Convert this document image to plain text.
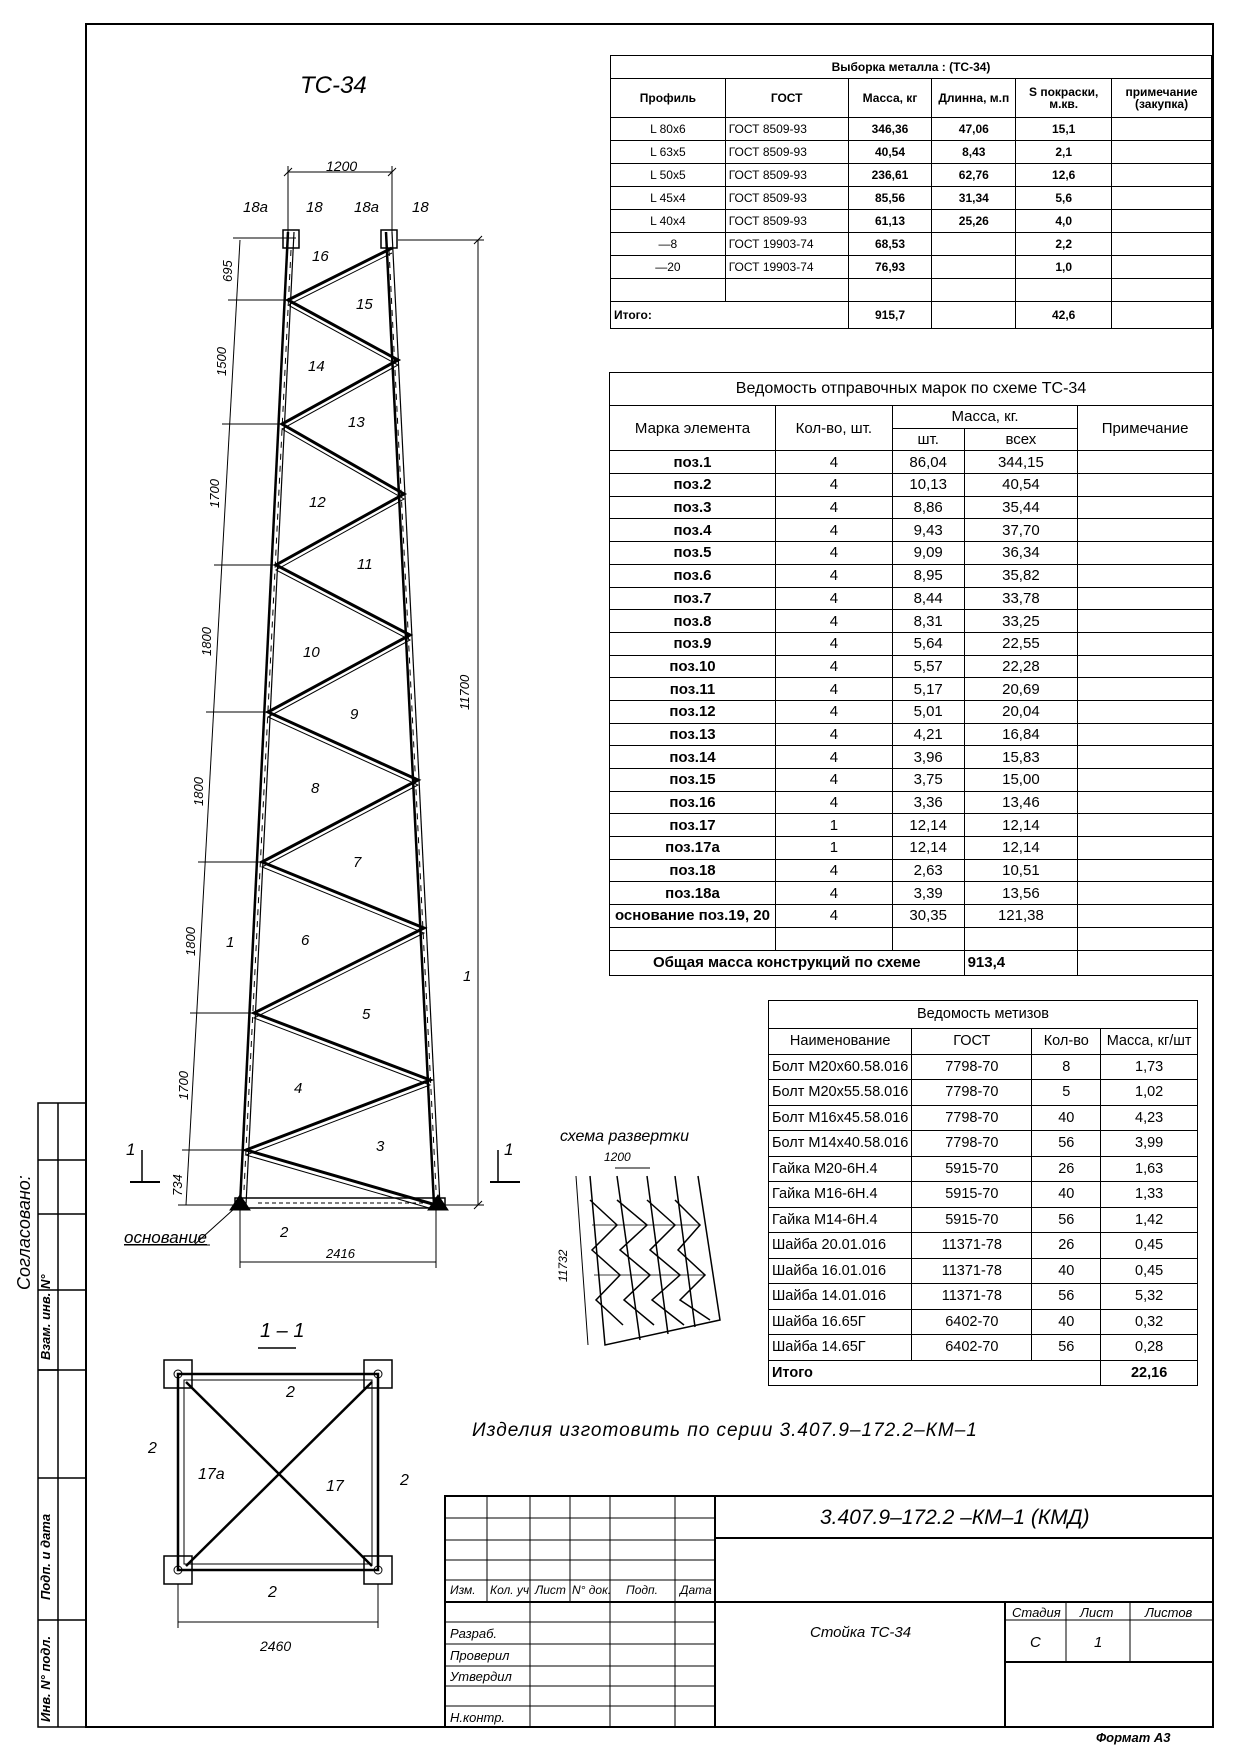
ТС-34
1200
18а	18 18а 18
16
15
14
13
12
11
10
9
8
7
6
5
4
3
2
1
1
1	1
основание
2416
11700
695
1500
1700
1800
1800
1800
1700
734
1 – 1
2
2
2
2
17а
17
2460
схема развертки
1200
11732
Выборка металла : (ТС-34)					
Профиль	ГОСТ	Масса, кг	Длинна, м.п	S покраски, м.кв.	примечание (закупка)
L 80x6	ГОСТ 8509-93	346,36	47,06	15,1	
L 63x5	ГОСТ 8509-93	40,54	8,43	2,1	
L 50x5	ГОСТ 8509-93	236,61	62,76	12,6	
L 45x4	ГОСТ 8509-93	85,56	31,34	5,6	
L 40x4	ГОСТ 8509-93	61,13	25,26	4,0	
—8	ГОСТ 19903-74	68,53		2,2	
—20	ГОСТ 19903-74	76,93		1,0	

Итого:		915,7		42,6	
Ведомость отправочных марок по схеме ТС-34				
Марка элемента	Кол-во, шт.	Масса, кг.		Примечание
		шт.	всех	
поз.1	4	86,04	344,15	
поз.2	4	10,13	40,54	
поз.3	4	8,86	35,44	
поз.4	4	9,43	37,70	
поз.5	4	9,09	36,34	
поз.6	4	8,95	35,82	
поз.7	4	8,44	33,78	
поз.8	4	8,31	33,25	
поз.9	4	5,64	22,55	
поз.10	4	5,57	22,28	
поз.11	4	5,17	20,69	
поз.12	4	5,01	20,04	
поз.13	4	4,21	16,84	
поз.14	4	3,96	15,83	
поз.15	4	3,75	15,00	
поз.16	4	3,36	13,46	
поз.17	1	12,14	12,14	
поз.17а	1	12,14	12,14	
поз.18	4	2,63	10,51	
поз.18а	4	3,39	13,56	
основание поз.19, 20	4	30,35	121,38	

Общая масса конструкций по схеме			913,4	
Ведомость метизов			
Наименование	ГОСТ	Кол-во	Масса, кг/шт
Болт М20х60.58.016	7798-70	8	1,73
Болт М20х55.58.016	7798-70	5	1,02
Болт М16х45.58.016	7798-70	40	4,23
Болт М14х40.58.016	7798-70	56	3,99
Гайка М20-6Н.4	5915-70	26	1,63
Гайка М16-6Н.4	5915-70	40	1,33
Гайка М14-6Н.4	5915-70	56	1,42
Шайба 20.01.016	11371-78	26	0,45
Шайба 16.01.016	11371-78	40	0,45
Шайба 14.01.016	11371-78	56	5,32
Шайба 16.65Г	6402-70	40	0,32
Шайба 14.65Г	6402-70	56	0,28
Итого			22,16
Изделия изготовить по серии 3.407.9–172.2–КМ–1
3.407.9–172.2 –КМ–1 (КМД)
Изм. Кол. уч Лист N° док. Подп. Дата
Разраб.
Проверил
Утвердил
Н.контр.
Стойка ТС-34
Стадия Лист Листов
С	1
Формат А3
Согласовано:
Взам. инв. N°
Подп. и дата
Инв. N° подл.
